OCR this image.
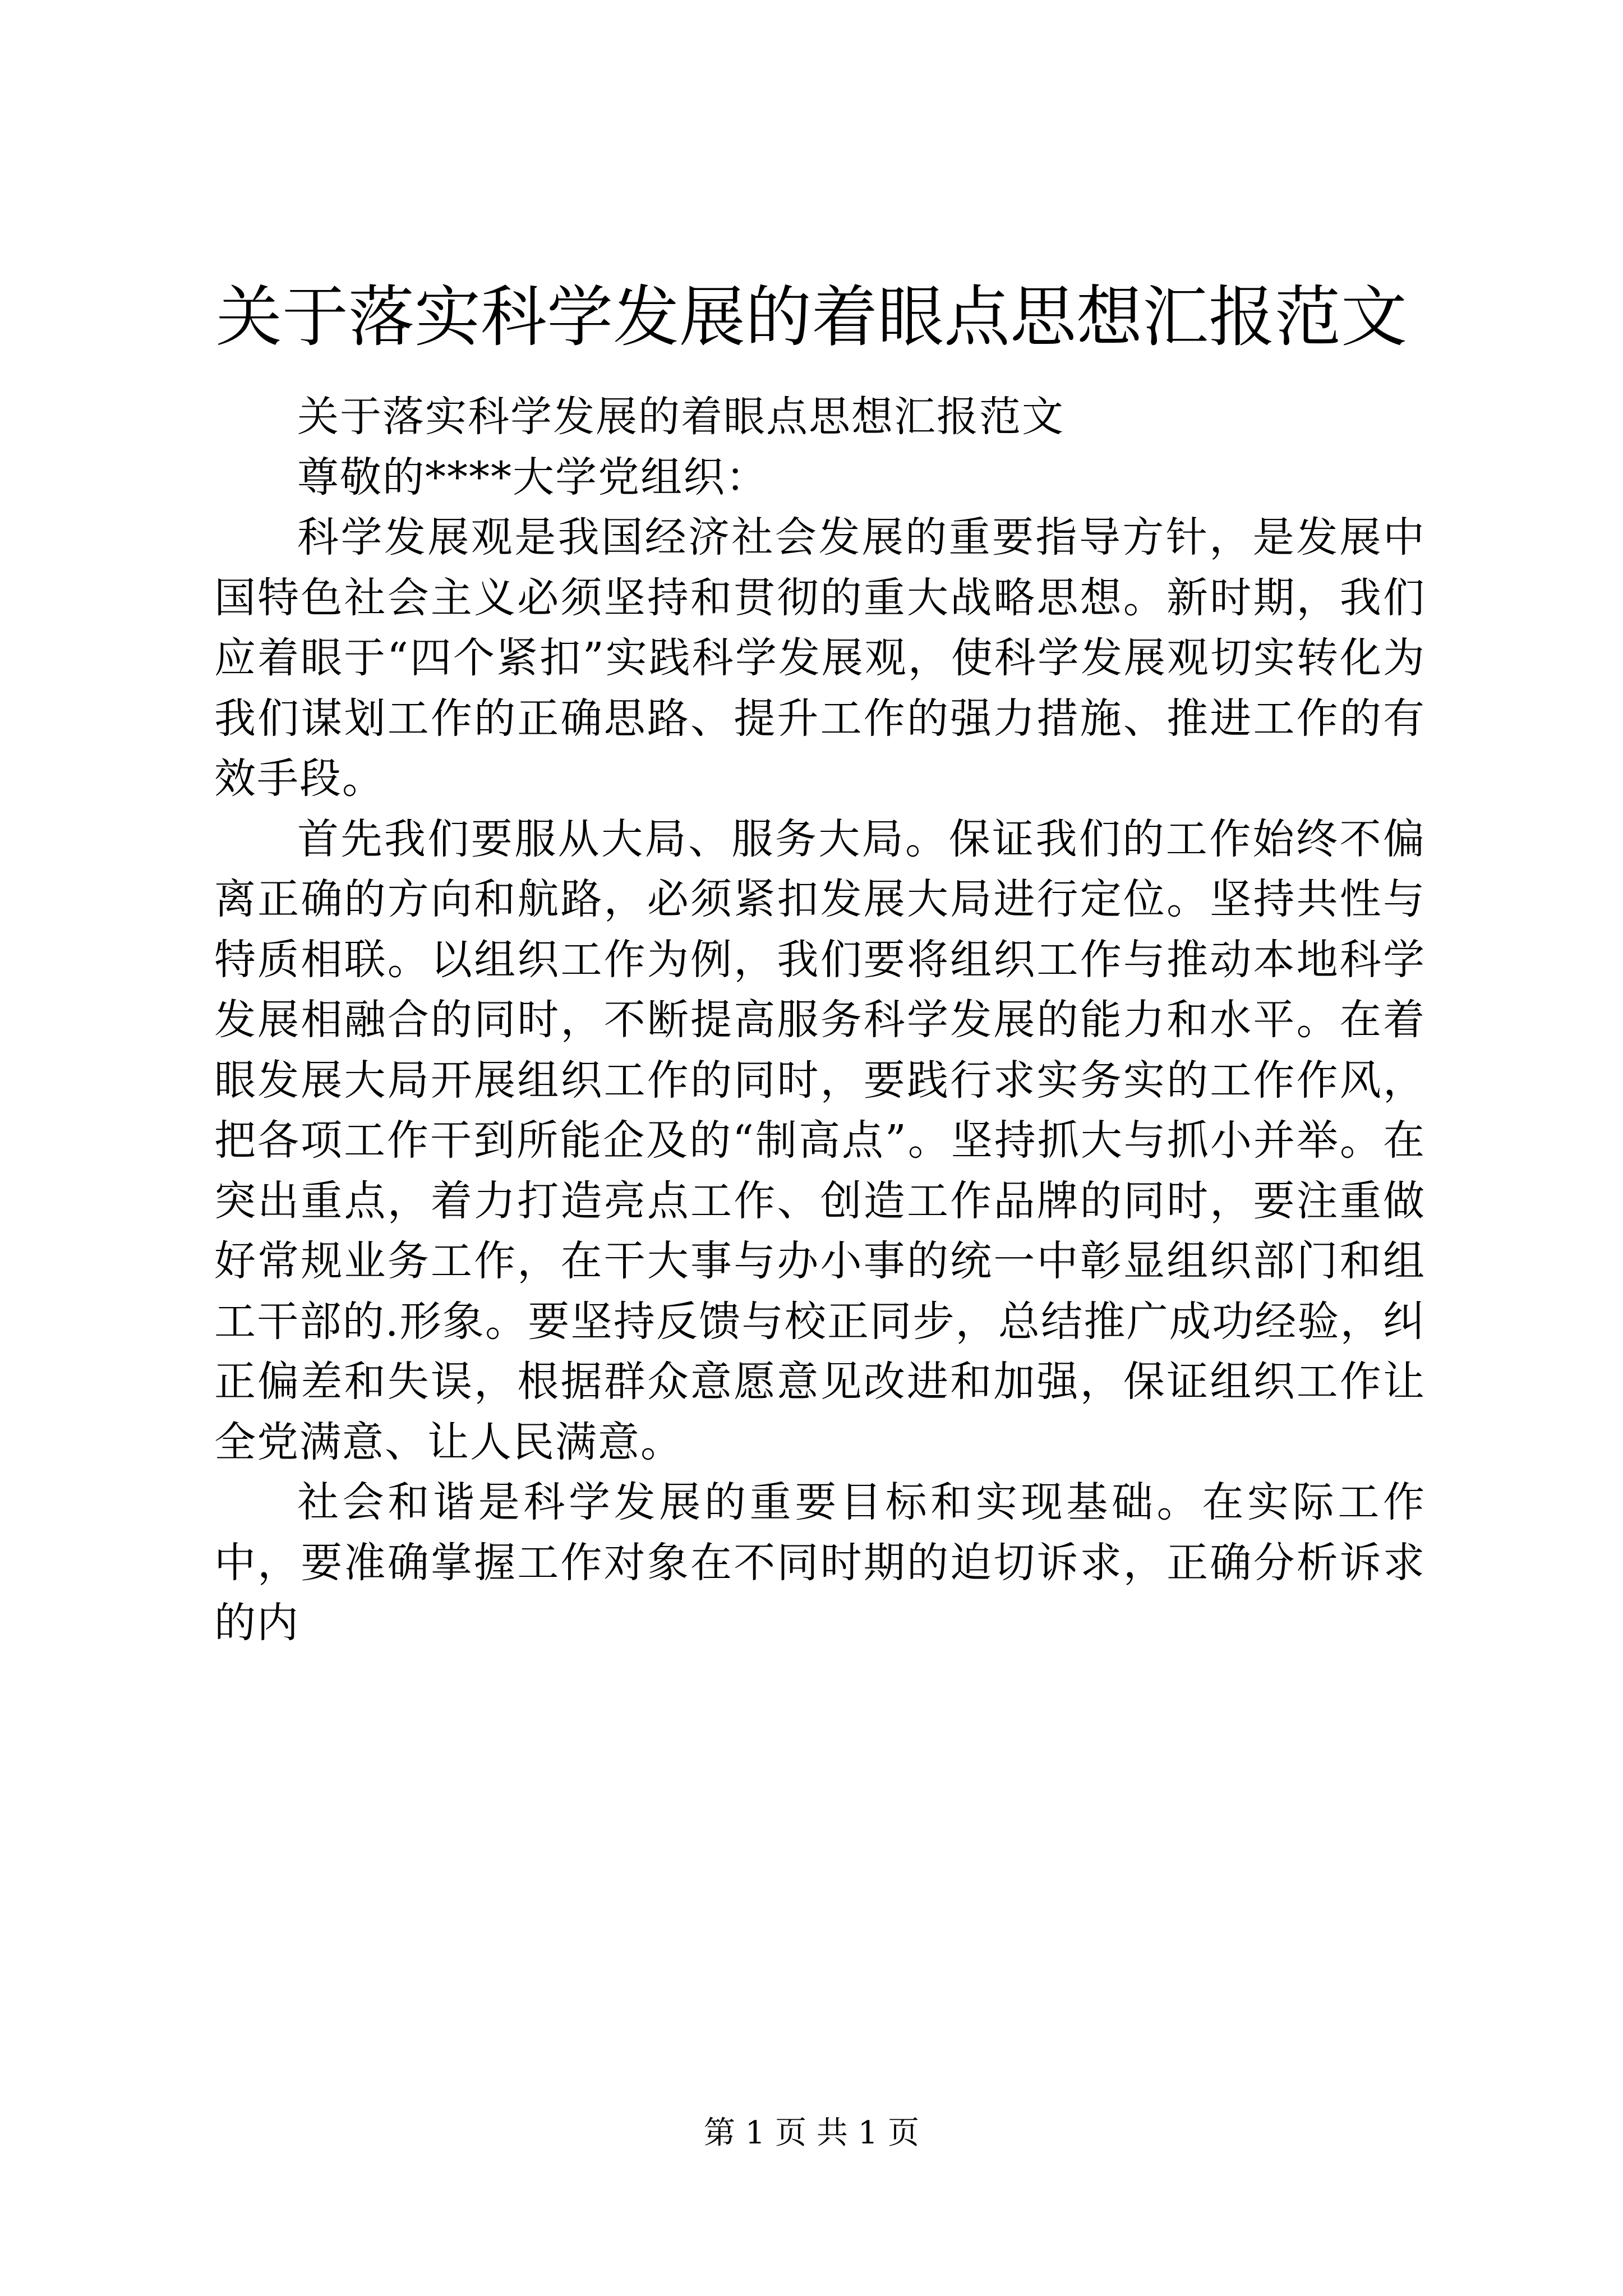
关于落实科学发展的着眼点思想汇报范文

关于落实科学发展的着眼点思想汇报范文

尊敬的****大学党组织：

科学发展观是我国经济社会发展的重要指导方针，是发展中国特色社会主义必须坚持和贯彻的重大战略思想。新时期，我们应着眼于“四个紧扣”实践科学发展观，使科学发展观切实转化为我们谋划工作的正确思路、提升工作的强力措施、推进工作的有效手段。

首先我们要服从大局、服务大局。保证我们的工作始终不偏离正确的方向和航路，必须紧扣发展大局进行定位。坚持共性与特质相联。以组织工作为例，我们要将组织工作与推动本地科学发展相融合的同时，不断提高服务科学发展的能力和水平。在着眼发展大局开展组织工作的同时，要践行求实务实的工作作风，把各项工作干到所能企及的“制高点”。坚持抓大与抓小并举。在突出重点，着力打造亮点工作、创造工作品牌的同时，要注重做好常规业务工作，在干大事与办小事的统一中彰显组织部门和组工干部的.形象。要坚持反馈与校正同步，总结推广成功经验，纠正偏差和失误，根据群众意愿意见改进和加强，保证组织工作让全党满意、让人民满意。

社会和谐是科学发展的重要目标和实现基础。在实际工作中，要准确掌握工作对象在不同时期的迫切诉求，正确分析诉求的内

第 1 页 共 1 页
